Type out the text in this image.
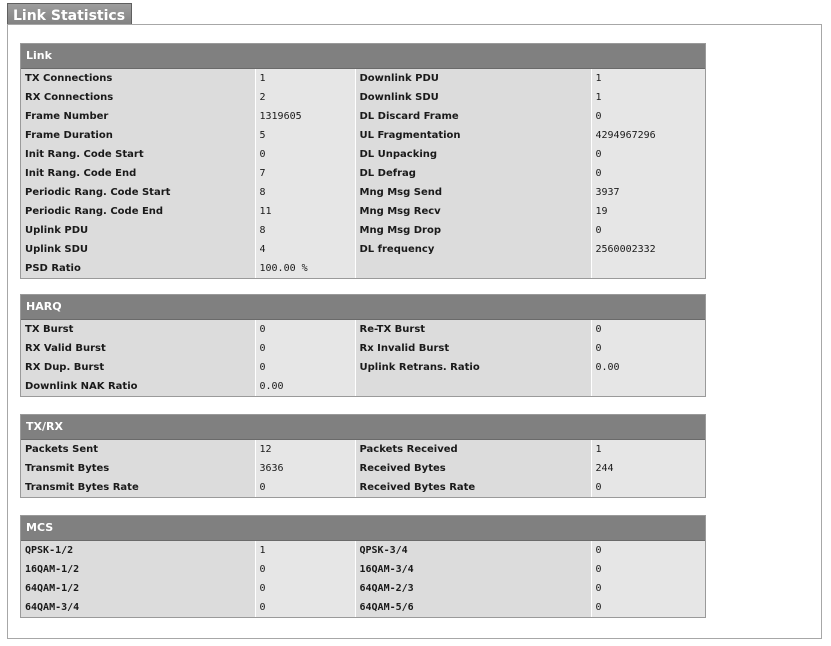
Link Statistics
Link
TX Connections	1	Downlink PDU	1
RX Connections	2	Downlink SDU	1
Frame Number	1319605	DL Discard Frame	0
Frame Duration	5	UL Fragmentation	4294967296
Init Rang. Code Start	0	DL Unpacking	0
Init Rang. Code End	7	DL Defrag	0
Periodic Rang. Code Start	8	Mng Msg Send	3937
Periodic Rang. Code End	11	Mng Msg Recv	19
Uplink PDU	8	Mng Msg Drop	0
Uplink SDU	4	DL frequency	2560002332
PSD Ratio	100.00 %		
HARQ
TX Burst	0	Re-TX Burst	0
RX Valid Burst	0	Rx Invalid Burst	0
RX Dup. Burst	0	Uplink Retrans. Ratio	0.00
Downlink NAK Ratio	0.00		
TX/RX
Packets Sent	12	Packets Received	1
Transmit Bytes	3636	Received Bytes	244
Transmit Bytes Rate	0	Received Bytes Rate	0
MCS
QPSK-1/2	1	QPSK-3/4	0
16QAM-1/2	0	16QAM-3/4	0
64QAM-1/2	0	64QAM-2/3	0
64QAM-3/4	0	64QAM-5/6	0
